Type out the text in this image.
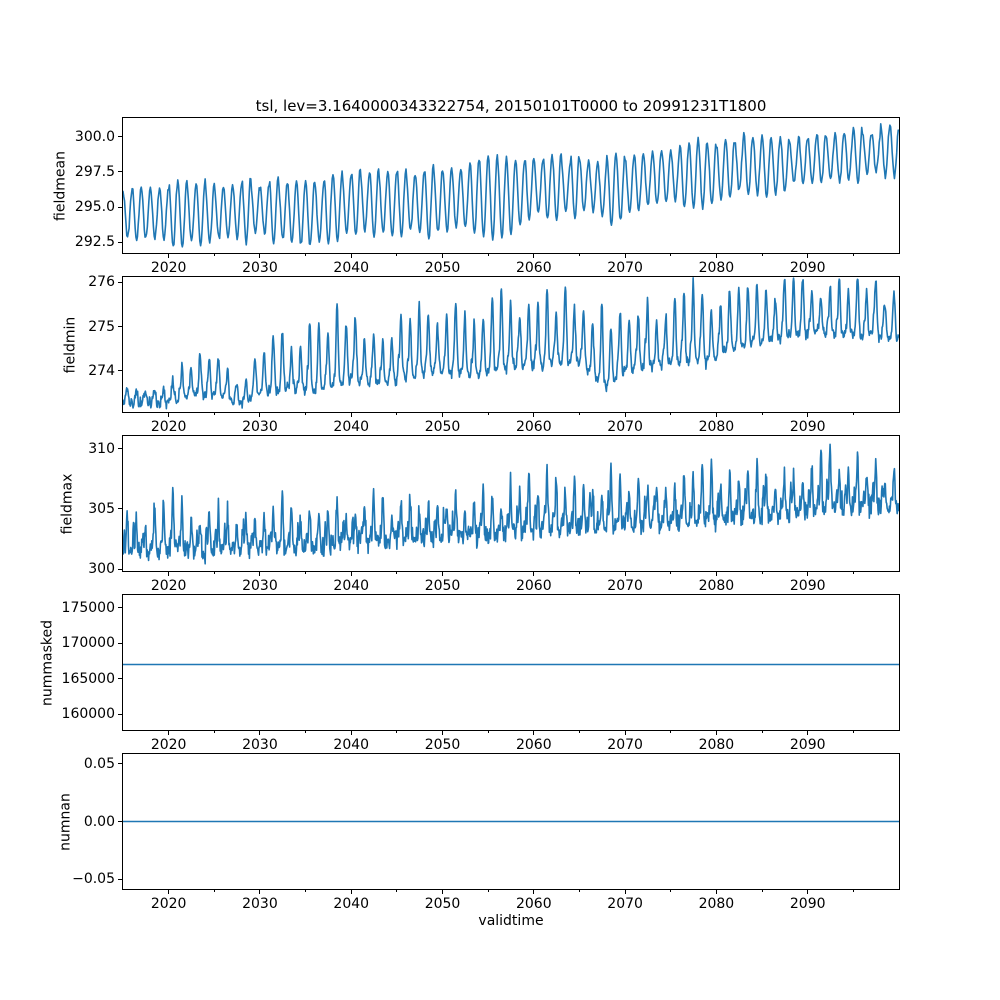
tsl, lev=3.1640000343322754, 20150101T0000 to 20991231T1800
fieldmean
fieldmin
fieldmax
nummasked
numnan
validtime
292.5
295.0
297.5
300.0
2020	2030	2040	2050	2060	2070	2080	2090
274
275
276
2020	2030	2040	2050	2060	2070	2080	2090
300
305
310
2020	2030	2040	2050	2060	2070	2080	2090
160000
165000
170000
175000
2020	2030	2040	2050	2060	2070	2080	2090
−0.05
0.00
0.05
2020	2030	2040	2050	2060	2070	2080	2090
